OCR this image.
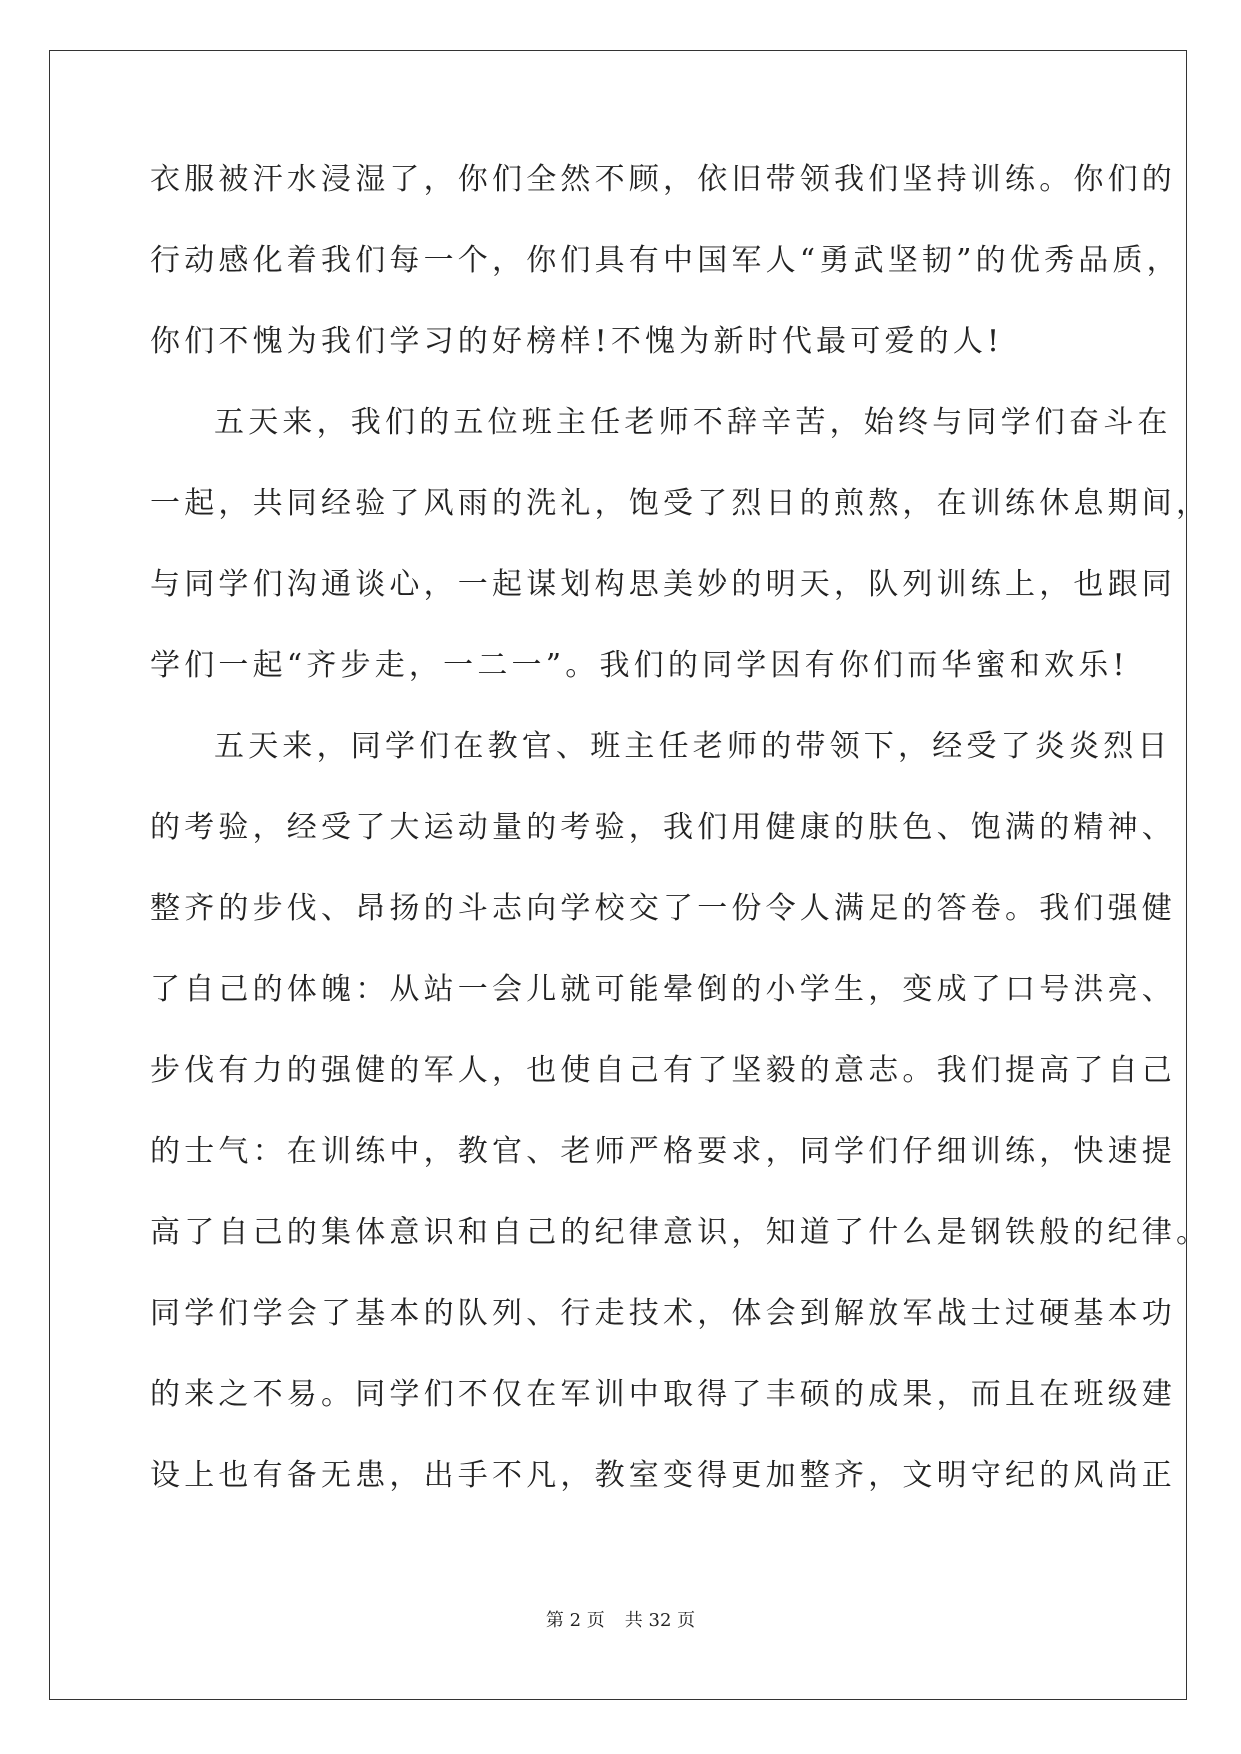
衣服被汗水浸湿了，你们全然不顾，依旧带领我们坚持训练。你们的
行动感化着我们每一个，你们具有中国军人“勇武坚韧”的优秀品质，
你们不愧为我们学习的好榜样!不愧为新时代最可爱的人!
五天来，我们的五位班主任老师不辞辛苦，始终与同学们奋斗在
一起，共同经验了风雨的洗礼，饱受了烈日的煎熬，在训练休息期间，
与同学们沟通谈心，一起谋划构思美妙的明天，队列训练上，也跟同
学们一起“齐步走，一二一”。我们的同学因有你们而华蜜和欢乐!
五天来，同学们在教官、班主任老师的带领下，经受了炎炎烈日
的考验，经受了大运动量的考验，我们用健康的肤色、饱满的精神、
整齐的步伐、昂扬的斗志向学校交了一份令人满足的答卷。我们强健
了自己的体魄：从站一会儿就可能晕倒的小学生，变成了口号洪亮、
步伐有力的强健的军人，也使自己有了坚毅的意志。我们提高了自己
的士气：在训练中，教官、老师严格要求，同学们仔细训练，快速提
高了自己的集体意识和自己的纪律意识，知道了什么是钢铁般的纪律。
同学们学会了基本的队列、行走技术，体会到解放军战士过硬基本功
的来之不易。同学们不仅在军训中取得了丰硕的成果，而且在班级建
设上也有备无患，出手不凡，教室变得更加整齐，文明守纪的风尚正
第 2 页 共 32 页
